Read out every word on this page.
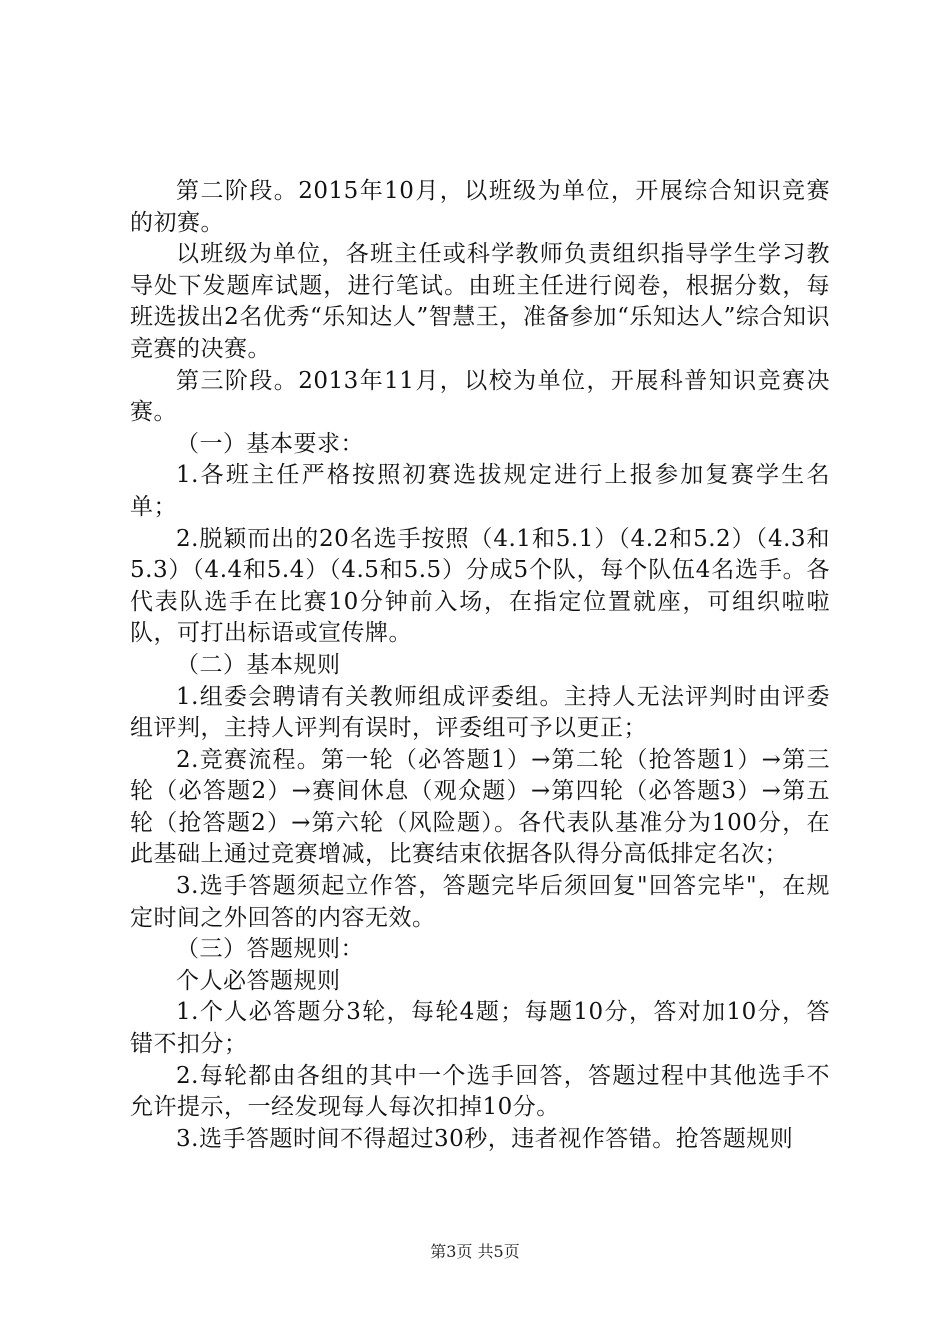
第二阶段。2015年10月，以班级为单位，开展综合知识竞赛的初赛。

以班级为单位，各班主任或科学教师负责组织指导学生学习教导处下发题库试题，进行笔试。由班主任进行阅卷，根据分数，每班选拔出2名优秀“乐知达人”智慧王，准备参加“乐知达人”综合知识竞赛的决赛。

第三阶段。2013年11月，以校为单位，开展科普知识竞赛决赛。

（一）基本要求：

1.各班主任严格按照初赛选拔规定进行上报参加复赛学生名单；

2.脱颖而出的20名选手按照（4.1和5.1）（4.2和5.2）（4.3和5.3）（4.4和5.4）（4.5和5.5）分成5个队，每个队伍4名选手。各代表队选手在比赛10分钟前入场，在指定位置就座，可组织啦啦队，可打出标语或宣传牌。

（二）基本规则

1.组委会聘请有关教师组成评委组。主持人无法评判时由评委组评判，主持人评判有误时，评委组可予以更正；

2.竞赛流程。第一轮（必答题1）→第二轮（抢答题1）→第三轮（必答题2）→赛间休息（观众题）→第四轮（必答题3）→第五轮（抢答题2）→第六轮（风险题）。各代表队基准分为100分，在此基础上通过竞赛增减，比赛结束依据各队得分高低排定名次；

3.选手答题须起立作答，答题完毕后须回复"回答完毕"，在规定时间之外回答的内容无效。

（三）答题规则：

个人必答题规则

1.个人必答题分3轮，每轮4题；每题10分，答对加10分，答错不扣分；

2.每轮都由各组的其中一个选手回答，答题过程中其他选手不允许提示，一经发现每人每次扣掉10分。

3.选手答题时间不得超过30秒，违者视作答错。抢答题规则

第3页 共5页
